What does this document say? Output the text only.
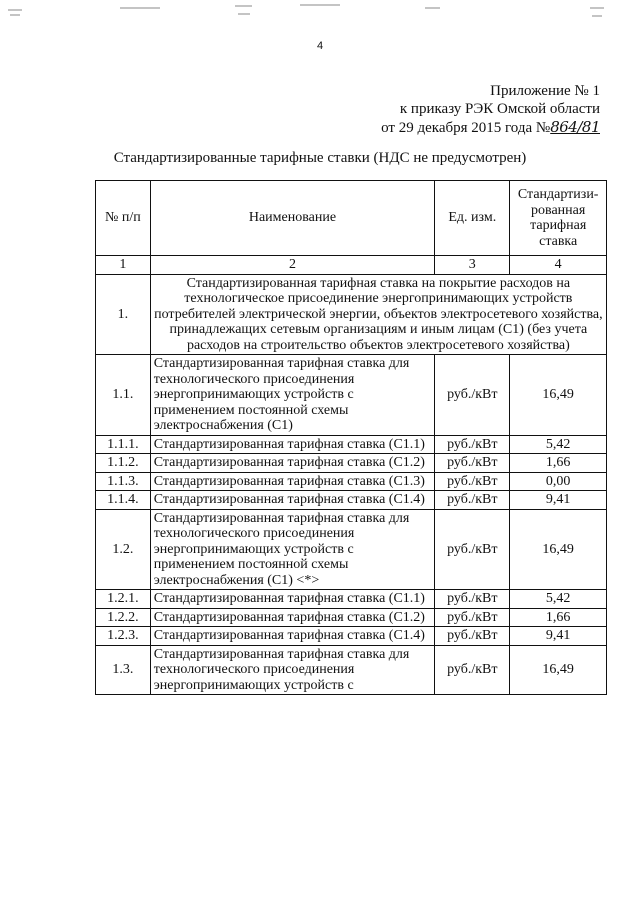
4
Приложение № 1
к приказу РЭК Омской области
от 29 декабря 2015 года №864/81
Стандартизированные тарифные ставки (НДС не предусмотрен)
№ п/п	Наименование	Ед. изм.	Стандартизи-рованная тарифная ставка
1	2	3	4
1.	Стандартизированная тарифная ставка на покрытие расходов на технологическое присоединение энергопринимающих устройств потребителей электрической энергии, объектов электросетевого хозяйства, принадлежащих сетевым организациям и иным лицам (C1) (без учета расходов на строительство объектов электросетевого хозяйства)		
1.1.	Стандартизированная тарифная ставка для технологического присоединения энергопринимающих устройств с применением постоянной схемы электроснабжения (C1)	руб./кВт	16,49
1.1.1.	Стандартизированная тарифная ставка (C1.1)	руб./кВт	5,42
1.1.2.	Стандартизированная тарифная ставка (C1.2)	руб./кВт	1,66
1.1.3.	Стандартизированная тарифная ставка (C1.3)	руб./кВт	0,00
1.1.4.	Стандартизированная тарифная ставка (C1.4)	руб./кВт	9,41
1.2.	Стандартизированная тарифная ставка для технологического присоединения энергопринимающих устройств с применением постоянной схемы электроснабжения (C1) <*>	руб./кВт	16,49
1.2.1.	Стандартизированная тарифная ставка (C1.1)	руб./кВт	5,42
1.2.2.	Стандартизированная тарифная ставка (C1.2)	руб./кВт	1,66
1.2.3.	Стандартизированная тарифная ставка (C1.4)	руб./кВт	9,41
1.3.	Стандартизированная тарифная ставка для технологического присоединения энергопринимающих устройств с	руб./кВт	16,49
